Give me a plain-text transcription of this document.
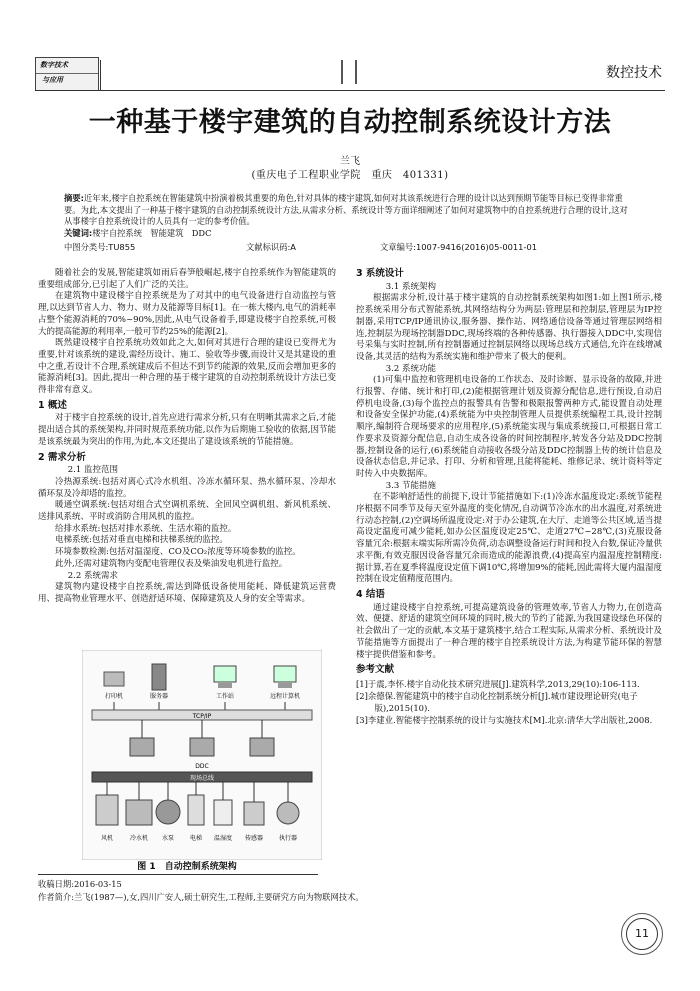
数字技术
与应用	数控技术
一种基于楼宇建筑的自动控制系统设计方法
兰飞
(重庆电子工程职业学院　重庆　401331)
摘要:近年来,楼宇自控系统在智能建筑中扮演着极其重要的角色,针对具体的楼宇建筑,如何对其该系统进行合理的设计以达到预期节能等目标已变得非常重要。为此,本文提出了一种基于楼宇建筑的自动控制系统设计方法,从需求分析、系统设计等方面详细阐述了如何对建筑物中的自控系统进行合理的设计,这对从事楼宇自控系统设计的人员具有一定的参考价值。
关键词:楼宇自控系统　智能建筑　DDC
中图分类号:TU855	文献标识码:A	文章编号:1007-9416(2016)05-0011-01

随着社会的发展,智能建筑如雨后春笋般崛起,楼宇自控系统作为智能建筑的重要组成部分,已引起了人们广泛的关注。

在建筑物中建设楼宇自控系统是为了对其中的电气设备进行自动监控与管理,以达到节省人力、物力、财力及能源等目标[1]。在一栋大楼内,电气的消耗率占整个能源消耗的70%~90%,因此,从电气设备着手,即建设楼宇自控系统,可极大的提高能源的利用率,一般可节约25%的能源[2]。

既然建设楼宇自控系统功效如此之大,如何对其进行合理的建设已变得尤为重要,针对该系统的建设,需经历设计、施工、验收等步骤,而设计又是其建设的重中之重,若设计不合理,系统建成后不但达不到节约能源的效果,反而会增加更多的能源消耗[3]。因此,提出一种合理的基于楼宇建筑的自动控制系统设计方法已变得非常有意义。

1 概述

对于楼宇自控系统的设计,首先应进行需求分析,只有在明晰其需求之后,才能提出适合其的系统架构,并同时规范系统功能,以作为后期施工验收的依据,因节能是该系统最为突出的作用,为此,本文还提出了建设该系统的节能措施。

2 需求分析

2.1 监控范围

冷热源系统:包括对离心式冷水机组、冷冻水循环泵、热水循环泵、冷却水循环泵及冷却塔的监控。

暖通空调系统:包括对组合式空调机系统、全回风空调机组、新风机系统、送排风系统、平时或消防合用风机的监控。

给排水系统:包括对排水系统、生活水箱的监控。

电梯系统:包括对垂直电梯和扶梯系统的监控。

环境参数检测:包括对温湿度、CO及CO₂浓度等环境参数的监控。

此外,还需对建筑物内变配电管理仪表及柴油发电机进行监控。

2.2 系统需求

建筑物内建设楼宇自控系统,需达到降低设备使用能耗、降低建筑运营费用、提高物业管理水平、创造舒适环境、保障建筑及人身的安全等需求。

打印机	服务器	工作站	远程计算机
TCP/IP
DDC
现场总线
风机	冷水机 水泵	电梯 温湿度 传感器	执行器
图 1　自动控制系统架构
3 系统设计

3.1 系统架构

根据需求分析,设计基于楼宇建筑的自动控制系统架构如图1:如上图1所示,楼控系统采用分布式智能系统,其网络结构分为两层:管理层和控制层,管理层为IP控制器,采用TCP/IP通讯协议,服务器、操作站、网络通信设备等通过管理层网络相连,控制层为现场控制器DDC,现场终端的各种传感器、执行器接入DDC中,实现信号采集与实时控制,所有控制器通过控制层网络以现场总线方式通信,允许在线增减设备,其灵活的结构为系统实施和维护带来了极大的便利。

3.2 系统功能

(1)可集中监控和管理机电设备的工作状态、及时诊断、显示设备的故障,并进行报警、存储、统计和打印,(2)能根据管理计划及资源分配信息,进行预设,自动启停机电设备,(3)每个监控点的报警具有告警和极限报警两种方式,能设置自动处理和设备安全保护功能,(4)系统能为中央控制管理人员提供系统编程工具,设计控制顺序,编制符合现场要求的应用程序,(5)系统能实现与集成系统接口,可根据日常工作要求及资源分配信息,自动生成各设备的时间控制程序,转发各分站及DDC控制器,控制设备的运行,(6)系统能自动接收各级分站及DDC控制器上传的统计信息及设备状态信息,并记录、打印、分析和管理,且能将能耗、维修记录、统计资料等定时传入中央数据库。

3.3 节能措施

在不影响舒适性的前提下,设计节能措施如下:(1)冷冻水温度设定:系统节能程序根据不同季节及每天室外温度的变化情况,自动调节冷冻水的出水温度,对系统进行动态控制,(2)空调场所温度设定:对于办公建筑,在大厅、走道等公共区域,适当提高设定温度可减少能耗,如办公区温度设定25℃、走道27℃~28℃,(3)克服设备容量冗余:根据末端实际所需冷负荷,动态调整设备运行时间和投入台数,保证冷量供求平衡,有效克服因设备容量冗余而造成的能源浪费,(4)提高室内温湿度控制精度:据计算,若在夏季将温度设定值下调10℃,将增加9%的能耗,因此需将大厦内温湿度控制在设定值精度范围内。

4 结语

通过建设楼宇自控系统,可提高建筑设备的管理效率,节省人力物力,在创造高效、便捷、舒适的建筑空间环境的同时,极大的节约了能源,为我国建设绿色环保的社会做出了一定的贡献,本文基于建筑楼宇,结合工程实际,从需求分析、系统设计及节能措施等方面提出了一种合理的楼宇自控系统设计方法,为构建节能环保的智慧楼宇提供借鉴和参考。

参考文献
[1]于震,李怀.楼宇自动化技术研究进展[J].建筑科学,2013,29(10):106-113.
[2]余德保.智能建筑中的楼宇自动化控制系统分析[J].城市建设理论研究(电子版),2015(10).
[3]李建业.智能楼宇控制系统的设计与实施技术[M].北京:清华大学出版社,2008.
收稿日期:2016-03-15
作者简介:兰飞(1987—),女,四川广安人,硕士研究生,工程师,主要研究方向为物联网技术。
11
